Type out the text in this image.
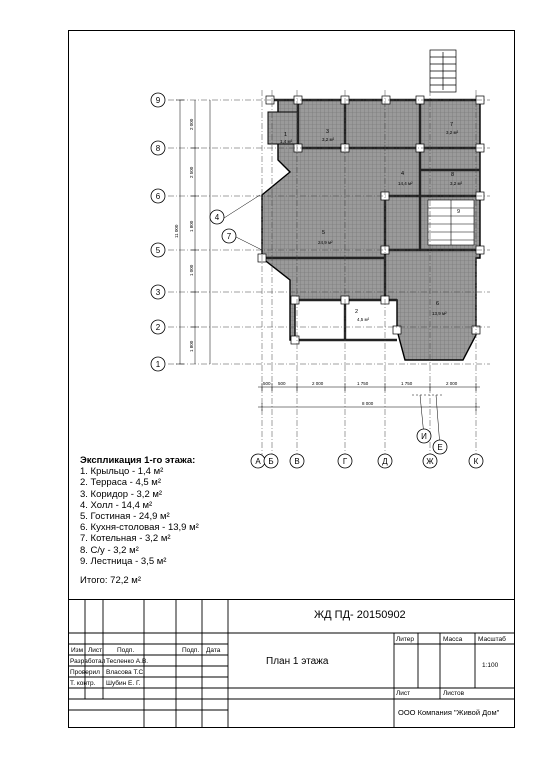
11 000
2 000
2 500
1 800
1 000
1 800
500 500	2 000	1 750	1 750	2 000
8 000
1,4 м²	3,2 м²
3,2 м²
14,4 м²	3,2 м²
24,9 м²
4,5 м²
13,9 м²
1	3
7
4	8
9
5
2
6
9
8
6
5
3
2
1
4
7
А Б	В	Г	Д	Ж	К
И
Е
Экспликация 1-го этажа:
1. Крыльцо - 1,4 м²
2. Терраса - 4,5 м²
3. Коридор - 3,2 м²
4. Холл - 14,4 м²
5. Гостиная - 24,9 м²
6. Кухня-столовая - 13,9 м²
7. Котельная - 3,2 м²
8. С/у - 3,2 м²
9. Лестница - 3,5 м²
Итого: 72,2 м²
ЖД ПД- 20150902
План 1 этажа
Литер	Масса Масштаб
1:100
Лист	Листов
ООО Компания "Живой Дом"
Изм Лист Подп.	Подп. Дата
Разработал Тесленко А.В.
Проверил Власова Т.С.
Т. контр. Шубин Е. Г.
